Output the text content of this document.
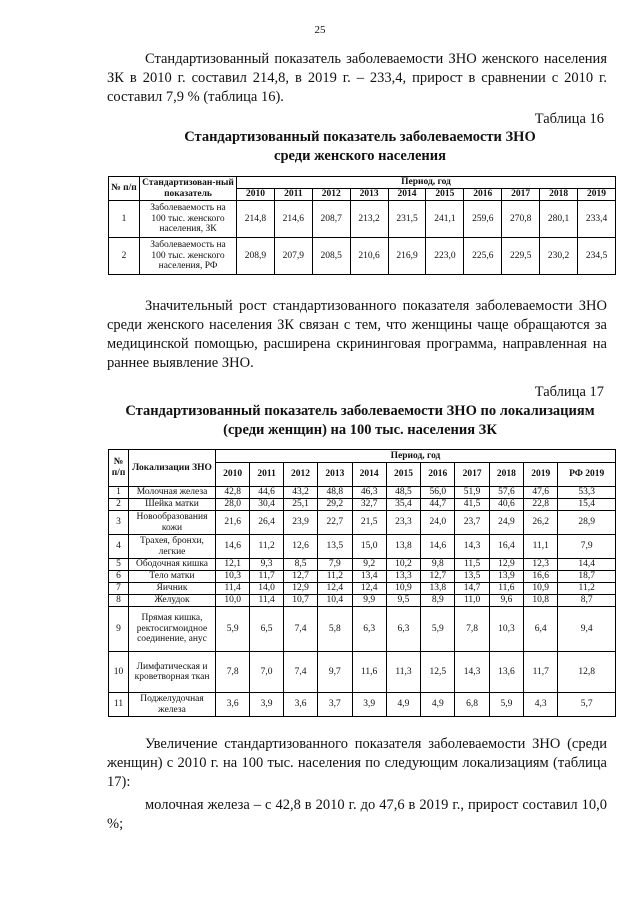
25
Стандартизованный показатель заболеваемости ЗНО женского населения ЗК в 2010 г. составил 214,8, в 2019 г. – 233,4, прирост в сравнении с 2010 г. составил 7,9 % (таблица 16).
Таблица 16
Стандартизованный показатель заболеваемости ЗНО
среди женского населения
№ п/п	Стандартизован-ный показатель	Период, год									
		2010	2011	2012	2013	2014	2015	2016	2017	2018	2019
1	Заболеваемость на 100 тыс. женского населения, ЗК	214,8	214,6	208,7	213,2	231,5	241,1	259,6	270,8	280,1	233,4
2	Заболеваемость на 100 тыс. женского населения, РФ	208,9	207,9	208,5	210,6	216,9	223,0	225,6	229,5	230,2	234,5
Значительный рост стандартизованного показателя заболеваемости ЗНО среди женского населения ЗК связан с тем, что женщины чаще обращаются за медицинской помощью, расширена скрининговая программа, направленная на раннее выявление ЗНО.
Таблица 17
Стандартизованный показатель заболеваемости ЗНО по локализациям
(среди женщин) на 100 тыс. населения ЗК
№ п/п	Локализации ЗНО	Период, год										
		2010	2011	2012	2013	2014	2015	2016	2017	2018	2019	РФ 2019
1	Молочная железа	42,8	44,6	43,2	48,8	46,3	48,5	56,0	51,9	57,6	47,6	53,3
2	Шейка матки	28,0	30,4	25,1	29,2	32,7	35,4	44,7	41,5	40,6	22,8	15,4
3	Новообразования кожи	21,6	26,4	23,9	22,7	21,5	23,3	24,0	23,7	24,9	26,2	28,9
4	Трахея, бронхи, легкие	14,6	11,2	12,6	13,5	15,0	13,8	14,6	14,3	16,4	11,1	7,9
5	Ободочная кишка	12,1	9,3	8,5	7,9	9,2	10,2	9,8	11,5	12,9	12,3	14,4
6	Тело матки	10,3	11,7	12,7	11,2	13,4	13,3	12,7	13,5	13,9	16,6	18,7
7	Яичник	11,4	14,0	12,9	12,4	12,4	10,9	13,8	14,7	11,6	10,9	11,2
8	Желудок	10,0	11,4	10,7	10,4	9,9	9,5	8,9	11,0	9,6	10,8	8,7
9	Прямая кишка, ректосигмоидное соединение, анус	5,9	6,5	7,4	5,8	6,3	6,3	5,9	7,8	10,3	6,4	9,4
10	Лимфатическая и кроветворная ткан	7,8	7,0	7,4	9,7	11,6	11,3	12,5	14,3	13,6	11,7	12,8
11	Поджелудочная железа	3,6	3,9	3,6	3,7	3,9	4,9	4,9	6,8	5,9	4,3	5,7
Увеличение стандартизованного показателя заболеваемости ЗНО (среди женщин) с 2010 г. на 100 тыс. населения по следующим локализациям (таблица 17):
молочная железа – с 42,8 в 2010 г. до 47,6 в 2019 г., прирост составил 10,0 %;
